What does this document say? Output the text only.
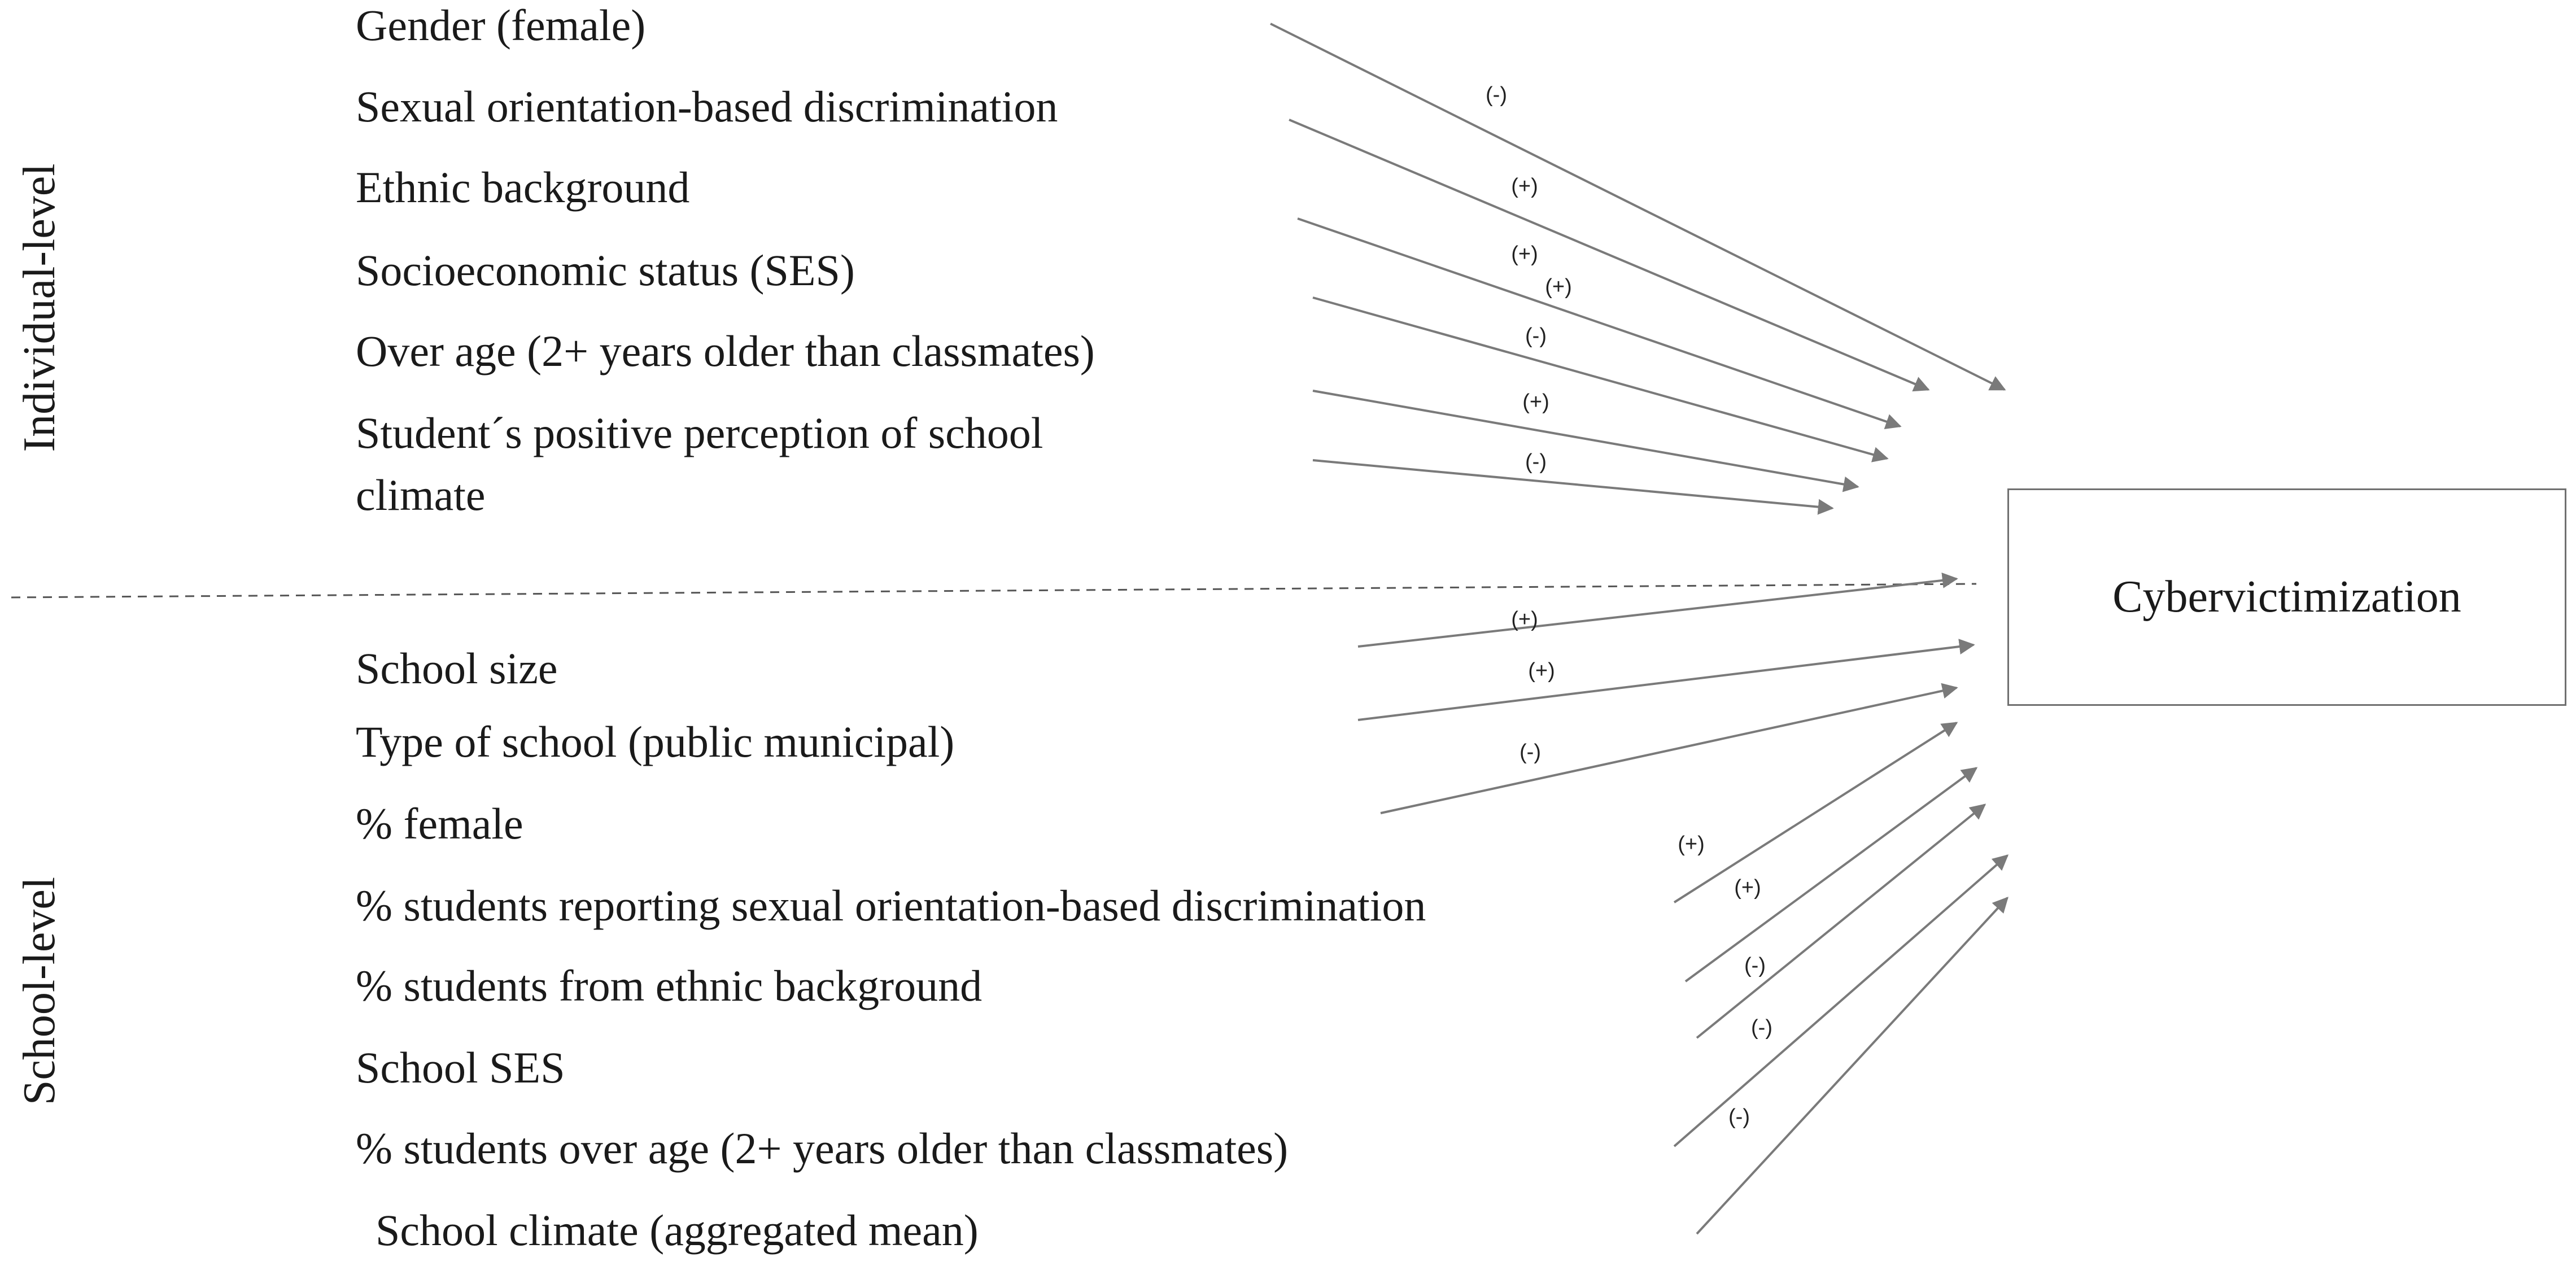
Individual-level
School-level
Gender (female)
Sexual orientation-based discrimination
Ethnic background
Socioeconomic status (SES)
Over age (2+ years older than classmates)
Student´s positive perception of school
climate
School size
Type of school (public municipal)
% female
% students reporting sexual orientation-based discrimination
% students from ethnic background
School SES
% students over age (2+ years older than classmates)
School climate (aggregated mean)
Cybervictimization
(-)
(+)
(+)
(+)
(-)
(+)
(-)
(+)
(+)
(-)
(+)
(+)
(-)
(-)
(-)
